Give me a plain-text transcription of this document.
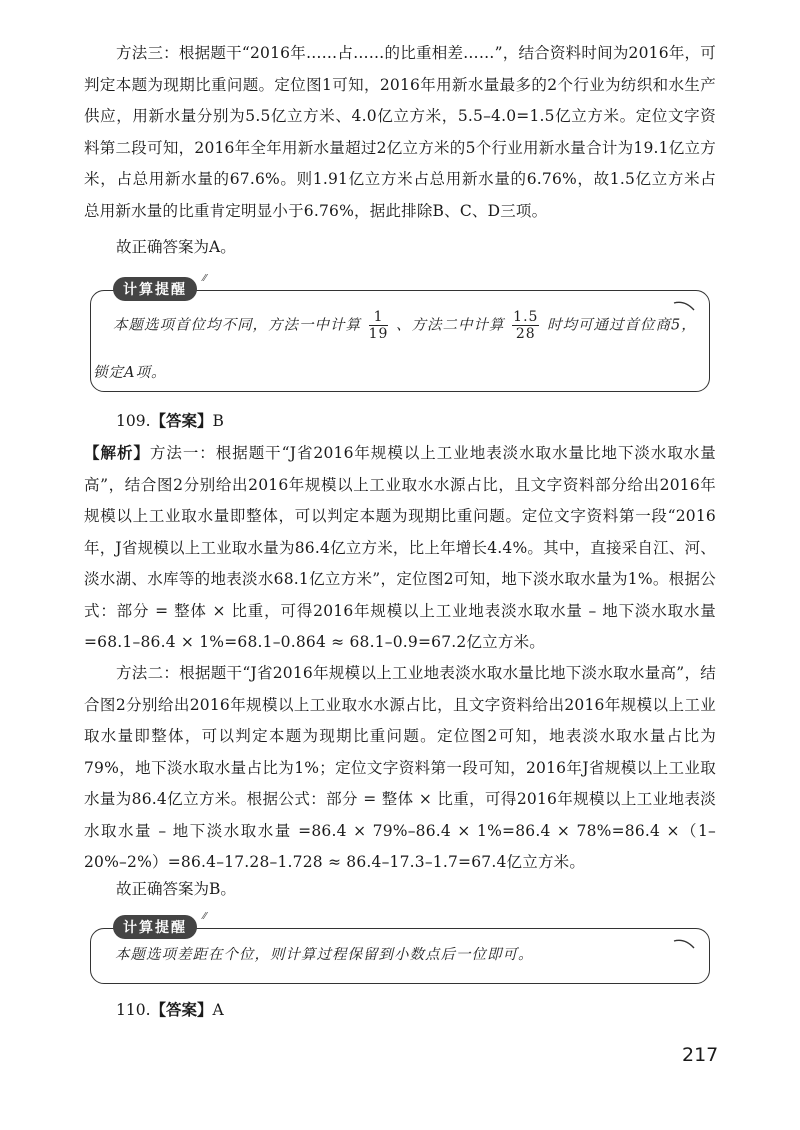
方法三：根据题干“2016年……占……的比重相差……”，结合资料时间为2016年，可判定本题为现期比重问题。定位图1可知，2016年用新水量最多的2个行业为纺织和水生产供应，用新水量分别为5.5亿立方米、4.0亿立方米，5.5–4.0=1.5亿立方米。定位文字资料第二段可知，2016年全年用新水量超过2亿立方米的5个行业用新水量合计为19.1亿立方米，占总用新水量的67.6%。则1.91亿立方米占总用新水量的6.76%，故1.5亿立方米占总用新水量的比重肯定明显小于6.76%，据此排除B、C、D三项。

故正确答案为A。

计算提醒
⁄⁄
本题选项首位均不同，方法一中计算 $\frac{1}{19}$ 、方法二中计算 $\frac{1.5}{28}$ 时均可通过首位商5，
锁定A项。

109.【答案】B

【解析】方法一：根据题干“J省2016年规模以上工业地表淡水取水量比地下淡水取水量高”，结合图2分别给出2016年规模以上工业取水水源占比，且文字资料部分给出2016年规模以上工业取水量即整体，可以判定本题为现期比重问题。定位文字资料第一段“2016年，J省规模以上工业取水量为86.4亿立方米，比上年增长4.4%。其中，直接采自江、河、淡水湖、水库等的地表淡水68.1亿立方米”，定位图2可知，地下淡水取水量为1%。根据公式：部分 = 整体 × 比重，可得2016年规模以上工业地表淡水取水量 – 地下淡水取水量 =68.1–86.4 × 1%=68.1–0.864 ≈ 68.1–0.9=67.2亿立方米。

方法二：根据题干“J省2016年规模以上工业地表淡水取水量比地下淡水取水量高”，结合图2分别给出2016年规模以上工业取水水源占比，且文字资料给出2016年规模以上工业取水量即整体，可以判定本题为现期比重问题。定位图2可知，地表淡水取水量占比为79%，地下淡水取水量占比为1%；定位文字资料第一段可知，2016年J省规模以上工业取水量为86.4亿立方米。根据公式：部分 = 整体 × 比重，可得2016年规模以上工业地表淡水取水量 – 地下淡水取水量 =86.4 × 79%–86.4 × 1%=86.4 × 78%=86.4 ×（1–20%–2%）=86.4–17.28–1.728 ≈ 86.4–17.3–1.7=67.4亿立方米。

故正确答案为B。

计算提醒
⁄⁄
本题选项差距在个位，则计算过程保留到小数点后一位即可。

110.【答案】A

217
